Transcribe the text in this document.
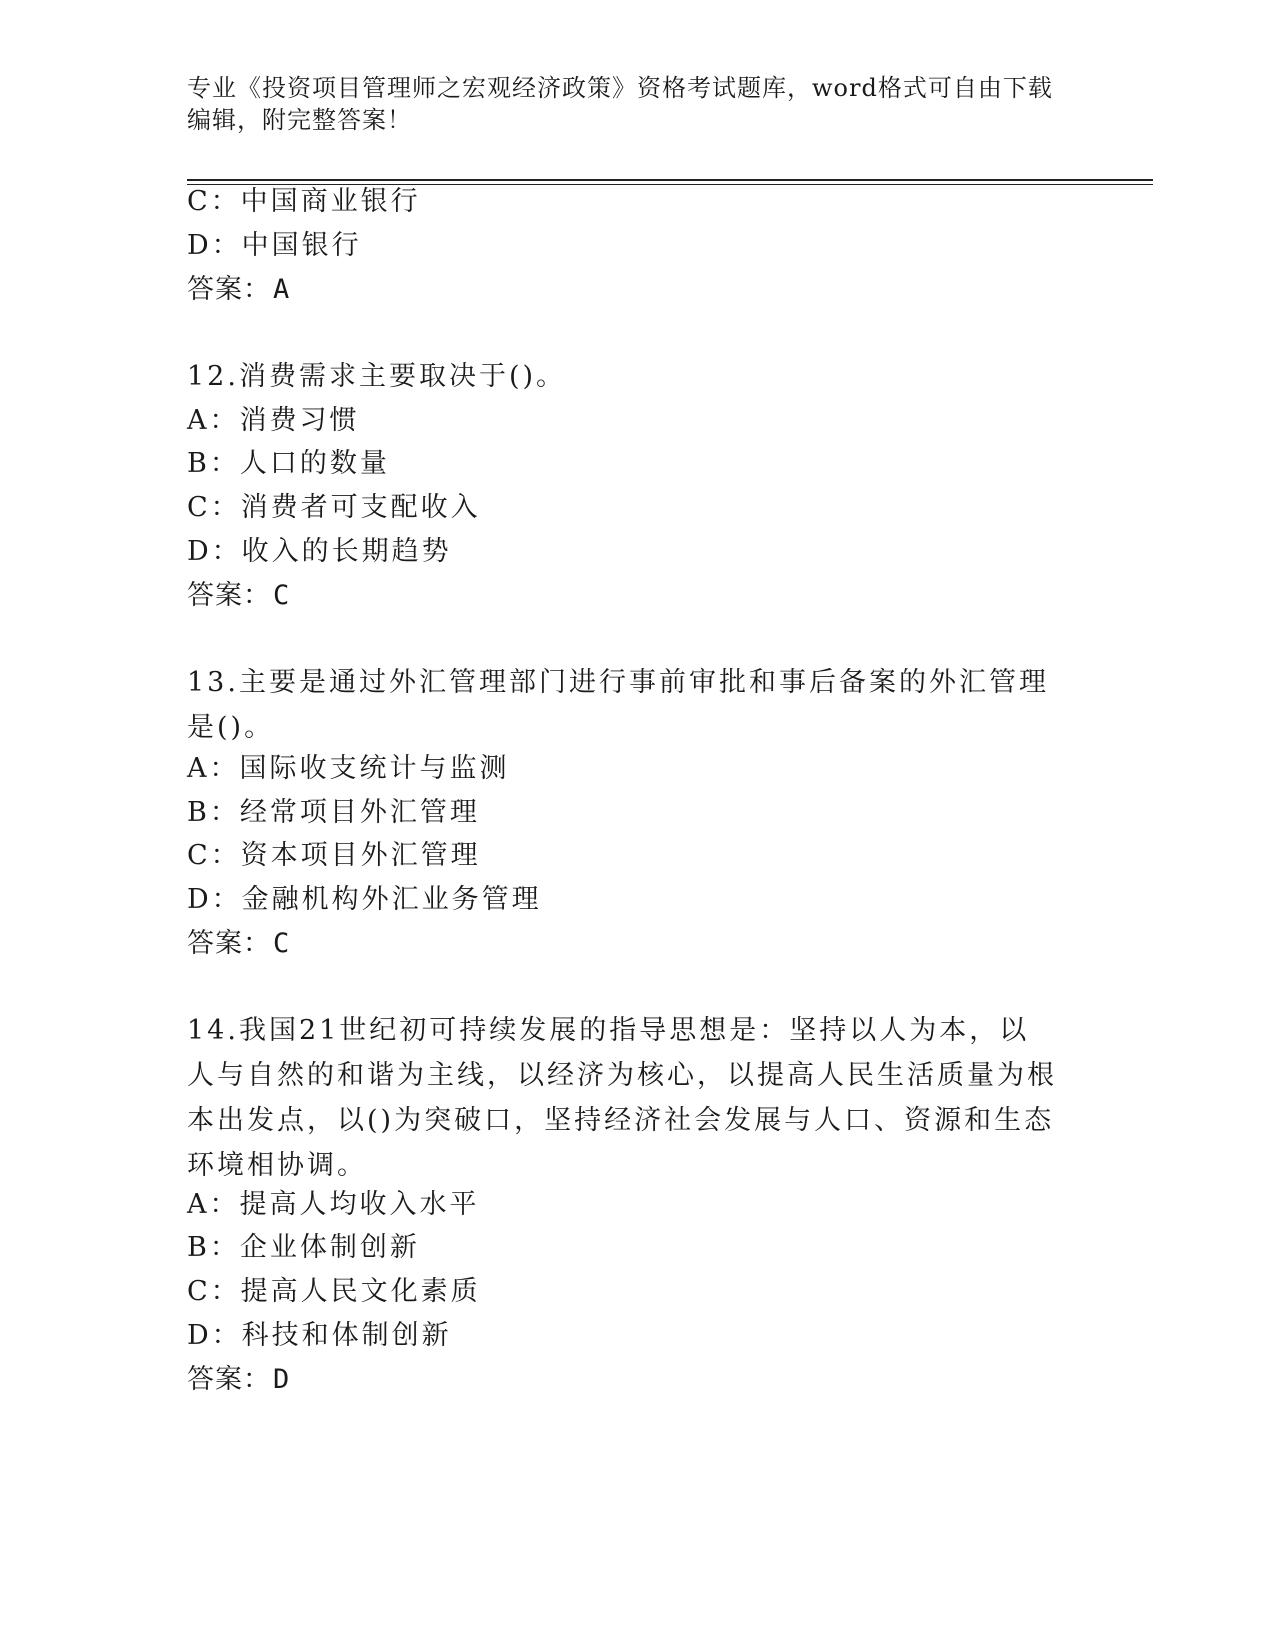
专业《投资项目管理师之宏观经济政策》资格考试题库，word格式可自由下载编辑，附完整答案！
C：中国商业银行
D：中国银行
答案：A
12.消费需求主要取决于()。
A：消费习惯
B：人口的数量
C：消费者可支配收入
D：收入的长期趋势
答案：C
13.主要是通过外汇管理部门进行事前审批和事后备案的外汇管理是()。
A：国际收支统计与监测
B：经常项目外汇管理
C：资本项目外汇管理
D：金融机构外汇业务管理
答案：C
14.我国21世纪初可持续发展的指导思想是：坚持以人为本，以人与自然的和谐为主线，以经济为核心，以提高人民生活质量为根本出发点，以()为突破口，坚持经济社会发展与人口、资源和生态环境相协调。
A：提高人均收入水平
B：企业体制创新
C：提高人民文化素质
D：科技和体制创新
答案：D
